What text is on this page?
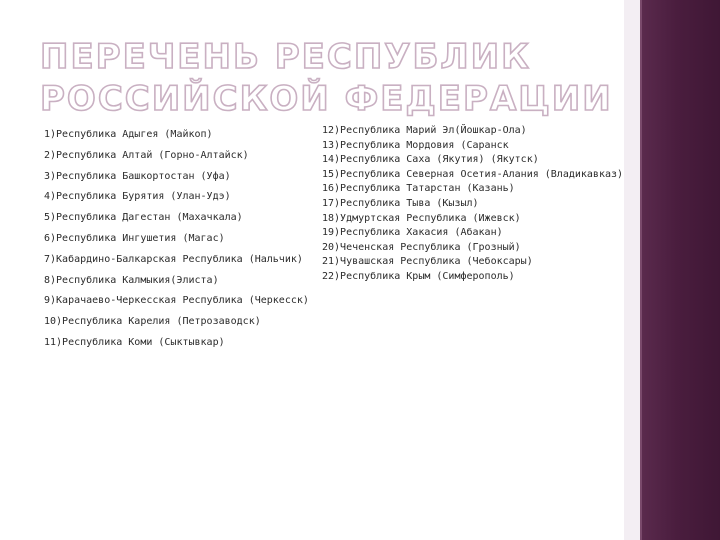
ПЕРЕЧЕНЬ РЕСПУБЛИК
РОССИЙСКОЙ ФЕДЕРАЦИИ
1)Республика Адыгея (Майкоп)
2)Республика Алтай (Горно-Алтайск)
3)Республика Башкортостан (Уфа)
4)Республика Бурятия (Улан-Удэ)
5)Республика Дагестан (Махачкала)
6)Республика Ингушетия (Магас)
7)Кабардино-Балкарская Республика (Нальчик)
8)Республика Калмыкия(Элиста)
9)Карачаево-Черкесская Республика (Черкесск)
10)Республика Карелия (Петрозаводск)
11)Республика Коми (Сыктывкар)
12)Республика Марий Эл(Йошкар-Ола)
13)Республика Мордовия (Саранск
14)Республика Саха (Якутия) (Якутск)
15)Республика Северная Осетия-Алания (Владикавказ)
16)Республика Татарстан (Казань)
17)Республика Тыва (Кызыл)
18)Удмуртская Республика (Ижевск)
19)Республика Хакасия (Абакан)
20)Чеченская Республика (Грозный)
21)Чувашская Республика (Чебоксары)
22)Республика Крым (Симферополь)
